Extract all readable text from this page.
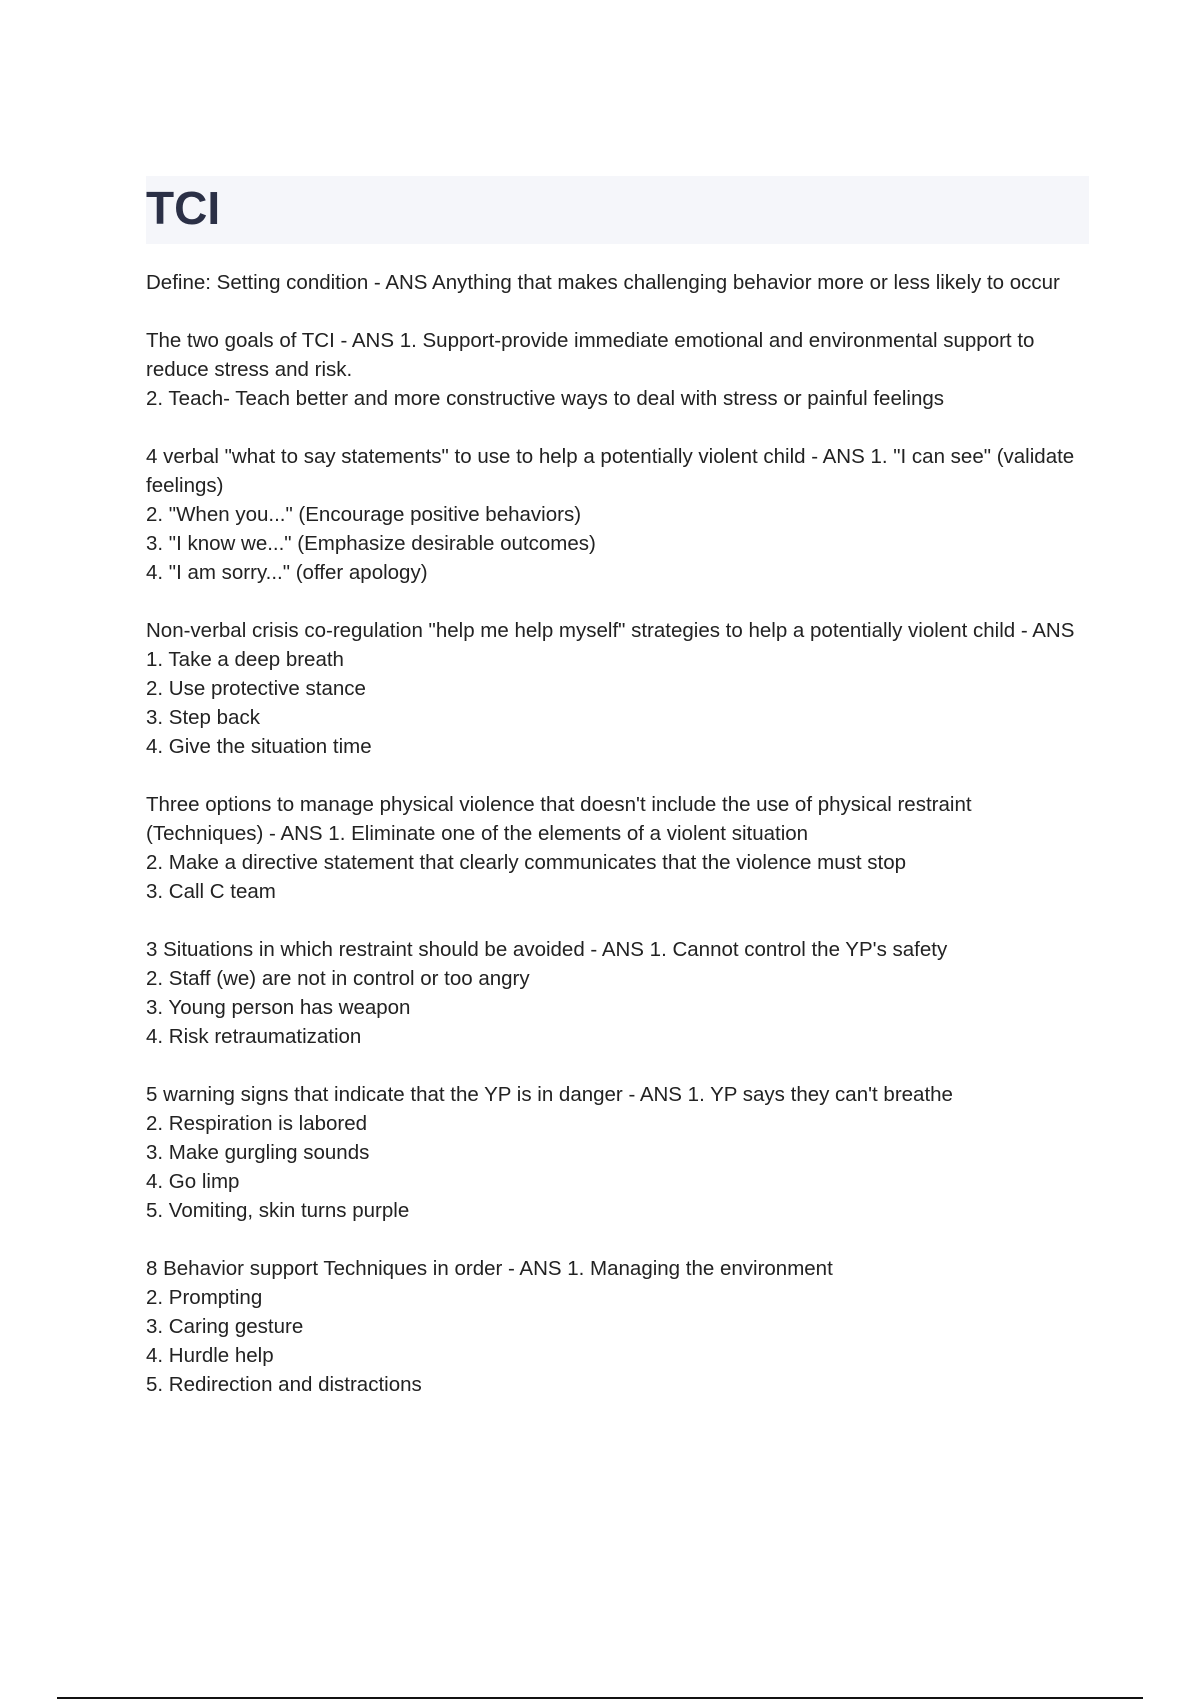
TCI

Define: Setting condition - ANS Anything that makes challenging behavior more or less likely to occur

The two goals of TCI - ANS 1. Support-provide immediate emotional and environmental support to reduce stress and risk.

2. Teach- Teach better and more constructive ways to deal with stress or painful feelings

4 verbal "what to say statements" to use to help a potentially violent child - ANS 1. "I can see" (validate feelings)

2. "When you..." (Encourage positive behaviors)

3. "I know we..." (Emphasize desirable outcomes)

4. "I am sorry..." (offer apology)

Non-verbal crisis co-regulation "help me help myself" strategies to help a potentially violent child - ANS 1. Take a deep breath

2. Use protective stance

3. Step back

4. Give the situation time

Three options to manage physical violence that doesn't include the use of physical restraint (Techniques) - ANS 1. Eliminate one of the elements of a violent situation

2. Make a directive statement that clearly communicates that the violence must stop

3. Call C team

3 Situations in which restraint should be avoided - ANS 1. Cannot control the YP's safety

2. Staff (we) are not in control or too angry

3. Young person has weapon

4. Risk retraumatization

5 warning signs that indicate that the YP is in danger - ANS 1. YP says they can't breathe

2. Respiration is labored

3. Make gurgling sounds

4. Go limp

5. Vomiting, skin turns purple

8 Behavior support Techniques in order - ANS 1. Managing the environment

2. Prompting

3. Caring gesture

4. Hurdle help

5. Redirection and distractions
